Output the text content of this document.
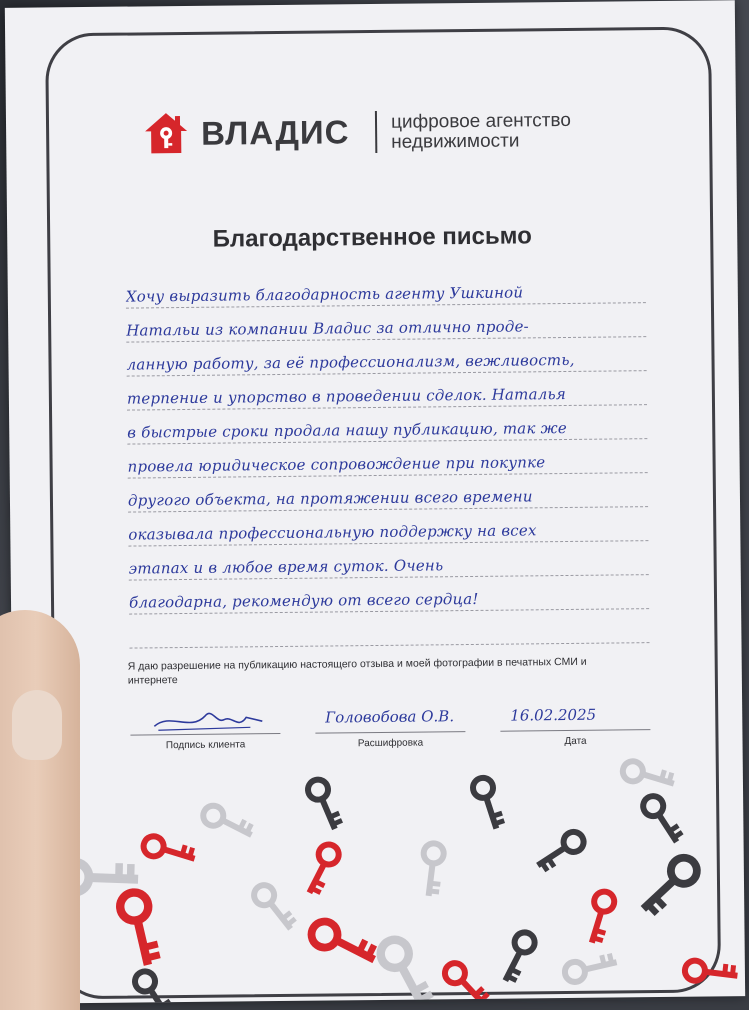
ВЛАДИС цифровое агентство
недвижимости
Благодарственное письмо
Хочу выразить благодарность агенту Ушкиной
Натальи из компании Владис за отлично проде-
ланную работу, за её профессионализм, вежливость,
терпение и упорство в проведении сделок. Наталья
в быстрые сроки продала нашу публикацию, так же
провела юридическое сопровождение при покупке
другого объекта, на протяжении всего времени
оказывала профессиональную поддержку на всех
этапах и в любое время суток. Очень
благодарна, рекомендую от всего сердца!
Я даю разрешение на публикацию настоящего отзыва и моей фотографии в печатных СМИ и интернете
Подпись клиента
Головобова О.В.
Расшифровка
16.02.2025
Дата
